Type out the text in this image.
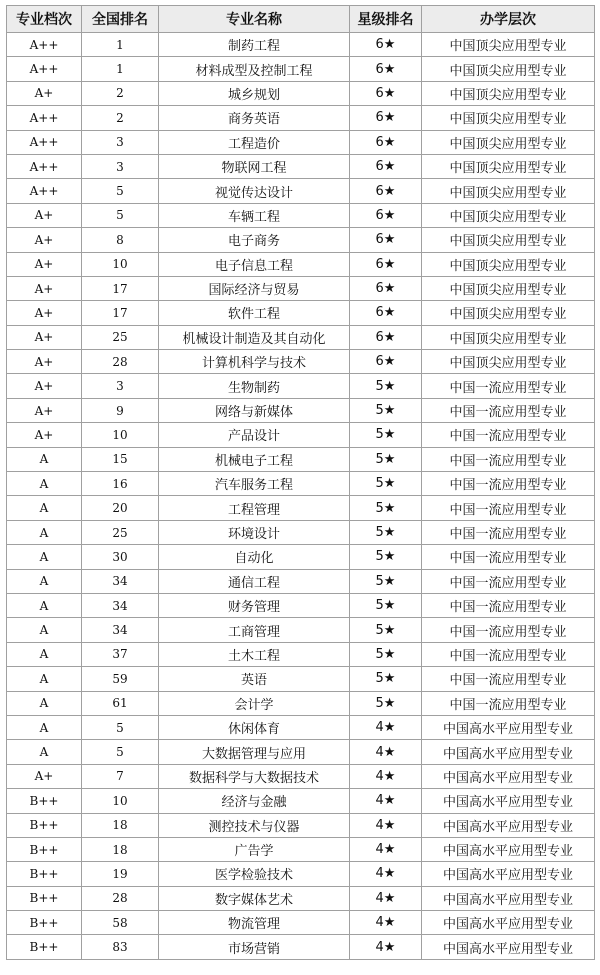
专业档次	全国排名	专业名称	星级排名	办学层次
A++	1	制药工程	6★	中国顶尖应用型专业
A++	1	材料成型及控制工程	6★	中国顶尖应用型专业
A+	2	城乡规划	6★	中国顶尖应用型专业
A++	2	商务英语	6★	中国顶尖应用型专业
A++	3	工程造价	6★	中国顶尖应用型专业
A++	3	物联网工程	6★	中国顶尖应用型专业
A++	5	视觉传达设计	6★	中国顶尖应用型专业
A+	5	车辆工程	6★	中国顶尖应用型专业
A+	8	电子商务	6★	中国顶尖应用型专业
A+	10	电子信息工程	6★	中国顶尖应用型专业
A+	17	国际经济与贸易	6★	中国顶尖应用型专业
A+	17	软件工程	6★	中国顶尖应用型专业
A+	25	机械设计制造及其自动化	6★	中国顶尖应用型专业
A+	28	计算机科学与技术	6★	中国顶尖应用型专业
A+	3	生物制药	5★	中国一流应用型专业
A+	9	网络与新媒体	5★	中国一流应用型专业
A+	10	产品设计	5★	中国一流应用型专业
A	15	机械电子工程	5★	中国一流应用型专业
A	16	汽车服务工程	5★	中国一流应用型专业
A	20	工程管理	5★	中国一流应用型专业
A	25	环境设计	5★	中国一流应用型专业
A	30	自动化	5★	中国一流应用型专业
A	34	通信工程	5★	中国一流应用型专业
A	34	财务管理	5★	中国一流应用型专业
A	34	工商管理	5★	中国一流应用型专业
A	37	土木工程	5★	中国一流应用型专业
A	59	英语	5★	中国一流应用型专业
A	61	会计学	5★	中国一流应用型专业
A	5	休闲体育	4★	中国高水平应用型专业
A	5	大数据管理与应用	4★	中国高水平应用型专业
A+	7	数据科学与大数据技术	4★	中国高水平应用型专业
B++	10	经济与金融	4★	中国高水平应用型专业
B++	18	测控技术与仪器	4★	中国高水平应用型专业
B++	18	广告学	4★	中国高水平应用型专业
B++	19	医学检验技术	4★	中国高水平应用型专业
B++	28	数字媒体艺术	4★	中国高水平应用型专业
B++	58	物流管理	4★	中国高水平应用型专业
B++	83	市场营销	4★	中国高水平应用型专业
